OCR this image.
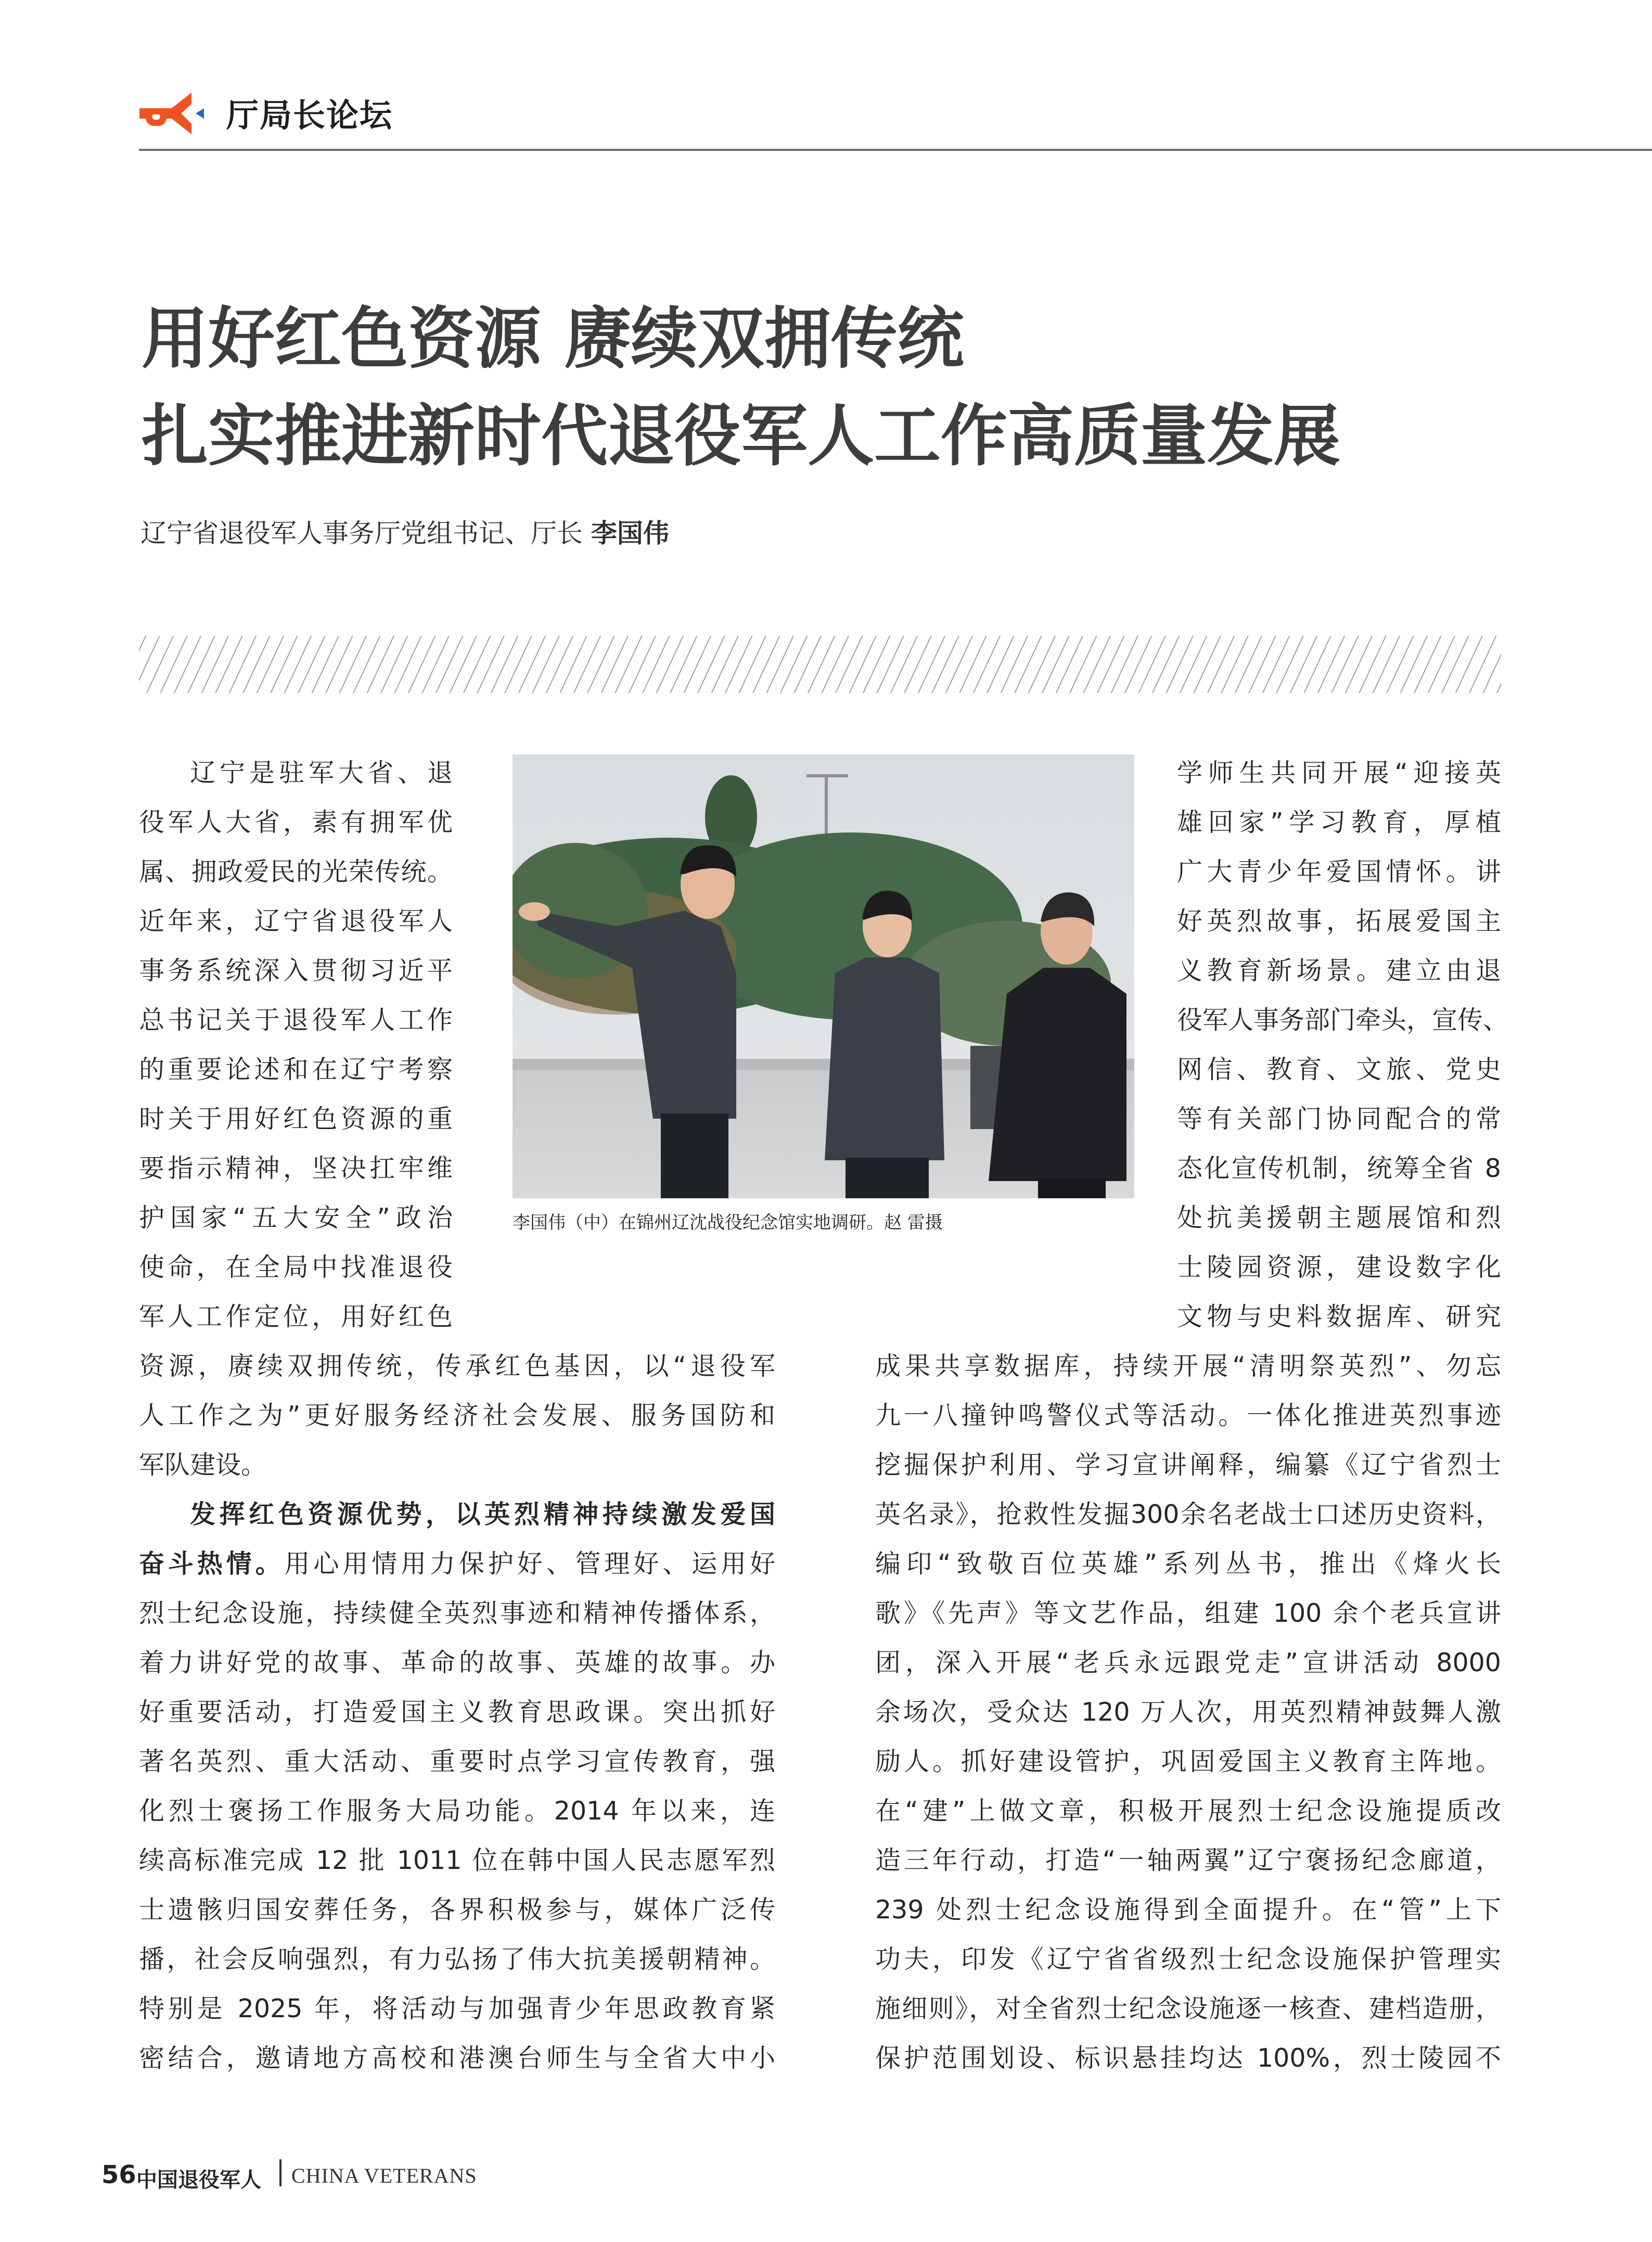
厅局长论坛
用好红色资源 赓续双拥传统
扎实推进新时代退役军人工作高质量发展
辽宁省退役军人事务厅党组书记、厅长 李国伟
辽宁是驻军大省、退
役军人大省，素有拥军优
属、拥政爱民的光荣传统。
近年来，辽宁省退役军人
事务系统深入贯彻习近平
总书记关于退役军人工作
的重要论述和在辽宁考察
时关于用好红色资源的重
要指示精神，坚决扛牢维
护国家“五大安全”政治
使命，在全局中找准退役
军人工作定位，用好红色
李国伟（中）在锦州辽沈战役纪念馆实地调研。赵 雷摄
学师生共同开展“迎接英
雄回家”学习教育，厚植
广大青少年爱国情怀。讲
好英烈故事，拓展爱国主
义教育新场景。建立由退
役军人事务部门牵头，宣传、
网信、教育、文旅、党史
等有关部门协同配合的常
态化宣传机制，统筹全省 8
处抗美援朝主题展馆和烈
士陵园资源，建设数字化
文物与史料数据库、研究
资源，赓续双拥传统，传承红色基因，以“退役军
人工作之为”更好服务经济社会发展、服务国防和
军队建设。
发挥红色资源优势，以英烈精神持续激发爱国
奋斗热情。用心用情用力保护好、管理好、运用好
烈士纪念设施，持续健全英烈事迹和精神传播体系，
着力讲好党的故事、革命的故事、英雄的故事。办
好重要活动，打造爱国主义教育思政课。突出抓好
著名英烈、重大活动、重要时点学习宣传教育，强
化烈士褒扬工作服务大局功能。2014 年以来，连
续高标准完成 12 批 1011 位在韩中国人民志愿军烈
士遗骸归国安葬任务，各界积极参与，媒体广泛传
播，社会反响强烈，有力弘扬了伟大抗美援朝精神。
特别是 2025 年，将活动与加强青少年思政教育紧
密结合，邀请地方高校和港澳台师生与全省大中小
成果共享数据库，持续开展“清明祭英烈”、勿忘
九一八撞钟鸣警仪式等活动。一体化推进英烈事迹
挖掘保护利用、学习宣讲阐释，编纂《辽宁省烈士
英名录》，抢救性发掘300余名老战士口述历史资料，
编印“致敬百位英雄”系列丛书，推出《烽火长
歌》《先声》等文艺作品，组建 100 余个老兵宣讲
团，深入开展“老兵永远跟党走”宣讲活动 8000
余场次，受众达 120 万人次，用英烈精神鼓舞人激
励人。抓好建设管护，巩固爱国主义教育主阵地。
在“建”上做文章，积极开展烈士纪念设施提质改
造三年行动，打造“一轴两翼”辽宁褒扬纪念廊道，
239 处烈士纪念设施得到全面提升。在“管”上下
功夫，印发《辽宁省省级烈士纪念设施保护管理实
施细则》，对全省烈士纪念设施逐一核查、建档造册，
保护范围划设、标识悬挂均达 100%，烈士陵园不
56 中国退役军人 CHINA VETERANS
